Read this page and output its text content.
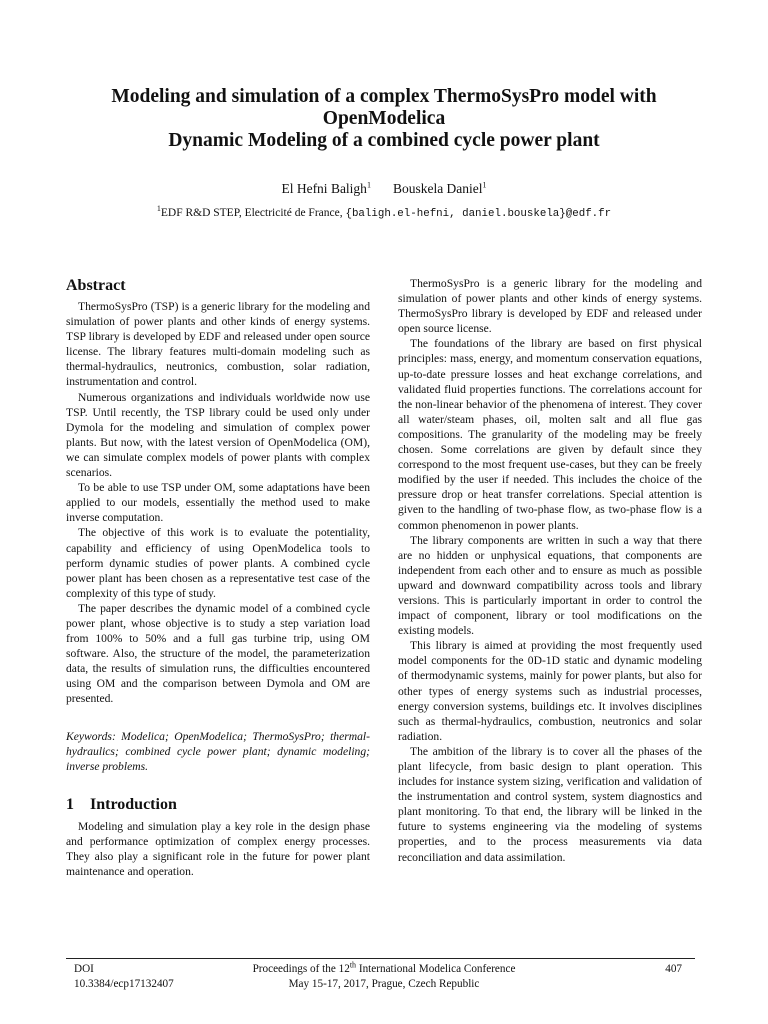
Modeling and simulation of a complex ThermoSysPro model with
OpenModelica
Dynamic Modeling of a combined cycle power plant
El Hefni Baligh$^1$ Bouskela Daniel$^1$
$^1$EDF R&D STEP, Electricité de France, {baligh.el-hefni, daniel.bouskela}@edf.fr
Abstract

ThermoSysPro (TSP) is a generic library for the modeling and simulation of power plants and other kinds of energy systems. TSP library is developed by EDF and released under open source license. The library features multi-domain modeling such as thermal-hydraulics, neutronics, combustion, solar radiation, instrumentation and control.

Numerous organizations and individuals worldwide now use TSP. Until recently, the TSP library could be used only under Dymola for the modeling and simulation of complex power plants. But now, with the latest version of OpenModelica (OM), we can simulate complex models of power plants with complex scenarios.

To be able to use TSP under OM, some adaptations have been applied to our models, essentially the method used to make inverse computation.

The objective of this work is to evaluate the potentiality, capability and efficiency of using OpenModelica tools to perform dynamic studies of power plants. A combined cycle power plant has been chosen as a representative test case of the complexity of this type of study.

The paper describes the dynamic model of a combined cycle power plant, whose objective is to study a step variation load from 100% to 50% and a full gas turbine trip, using OM software. Also, the structure of the model, the parameterization data, the results of simulation runs, the difficulties encountered using OM and the comparison between Dymola and OM are presented.

Keywords: Modelica; OpenModelica; ThermoSysPro; thermal-hydraulics; combined cycle power plant; dynamic modeling; inverse problems.

1 Introduction

Modeling and simulation play a key role in the design phase and performance optimization of complex energy processes. They also play a significant role in the future for power plant maintenance and operation.

ThermoSysPro is a generic library for the modeling and simulation of power plants and other kinds of energy systems. ThermoSysPro library is developed by EDF and released under open source license.

The foundations of the library are based on first physical principles: mass, energy, and momentum conservation equations, up-to-date pressure losses and heat exchange correlations, and validated fluid properties functions. The correlations account for the non-linear behavior of the phenomena of interest. They cover all water/steam phases, oil, molten salt and all flue gas compositions. The granularity of the modeling may be freely chosen. Some correlations are given by default since they correspond to the most frequent use-cases, but they can be freely modified by the user if needed. This includes the choice of the pressure drop or heat transfer correlations. Special attention is given to the handling of two-phase flow, as two-phase flow is a common phenomenon in power plants.

The library components are written in such a way that there are no hidden or unphysical equations, that components are independent from each other and to ensure as much as possible upward and downward compatibility across tools and library versions. This is particularly important in order to control the impact of component, library or tool modifications on the existing models.

This library is aimed at providing the most frequently used model components for the 0D-1D static and dynamic modeling of thermodynamic systems, mainly for power plants, but also for other types of energy systems such as industrial processes, energy conversion systems, buildings etc. It involves disciplines such as thermal-hydraulics, combustion, neutronics and solar radiation.

The ambition of the library is to cover all the phases of the plant lifecycle, from basic design to plant operation. This includes for instance system sizing, verification and validation of the instrumentation and control system, system diagnostics and plant monitoring. To that end, the library will be linked in the future to systems engineering via the modeling of systems properties, and to the process measurements via data reconciliation and data assimilation.

DOI
10.3384/ecp17132407
Proceedings of the 12th International Modelica Conference
May 15-17, 2017, Prague, Czech Republic
407
